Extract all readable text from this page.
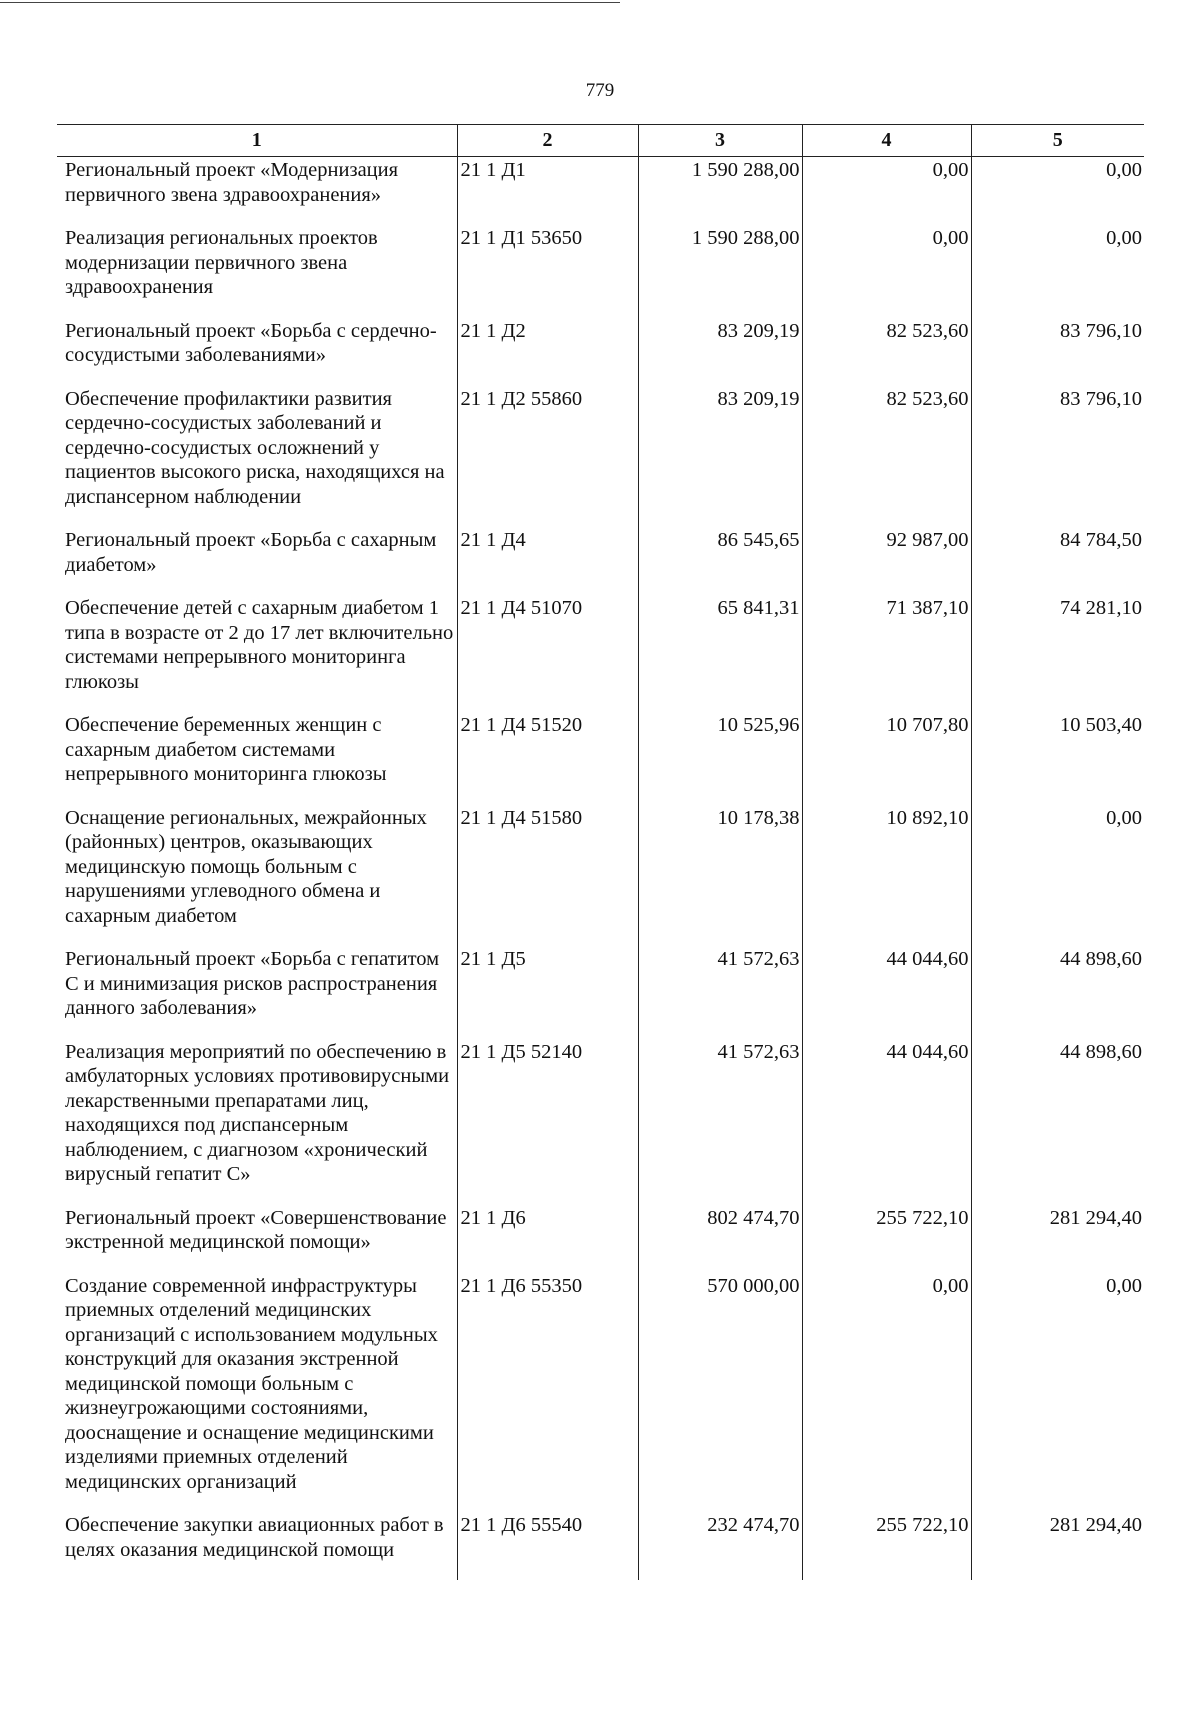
779
1	2	3	4	5
Региональный проект «Модернизация первичного звена здравоохранения»	21 1 Д1	1 590 288,00	0,00	0,00
Реализация региональных проектов модернизации первичного звена здравоохранения	21 1 Д1 53650	1 590 288,00	0,00	0,00
Региональный проект «Борьба с сердечно-сосудистыми заболеваниями»	21 1 Д2	83 209,19	82 523,60	83 796,10
Обеспечение профилактики развития сердечно-сосудистых заболеваний и сердечно-сосудистых осложнений у пациентов высокого риска, находящихся на диспансерном наблюдении	21 1 Д2 55860	83 209,19	82 523,60	83 796,10
Региональный проект «Борьба с сахарным диабетом»	21 1 Д4	86 545,65	92 987,00	84 784,50
Обеспечение детей с сахарным диабетом 1 типа в возрасте от 2 до 17 лет включительно системами непрерывного мониторинга глюкозы	21 1 Д4 51070	65 841,31	71 387,10	74 281,10
Обеспечение беременных женщин с сахарным диабетом системами непрерывного мониторинга глюкозы	21 1 Д4 51520	10 525,96	10 707,80	10 503,40
Оснащение региональных, межрайонных (районных) центров, оказывающих медицинскую помощь больным с нарушениями углеводного обмена и сахарным диабетом	21 1 Д4 51580	10 178,38	10 892,10	0,00
Региональный проект «Борьба с гепатитом С и минимизация рисков распространения данного заболевания»	21 1 Д5	41 572,63	44 044,60	44 898,60
Реализация мероприятий по обеспечению в амбулаторных условиях противовирусными лекарственными препаратами лиц, находящихся под диспансерным наблюдением, с диагнозом «хронический вирусный гепатит С»	21 1 Д5 52140	41 572,63	44 044,60	44 898,60
Региональный проект «Совершенствование экстренной медицинской помощи»	21 1 Д6	802 474,70	255 722,10	281 294,40
Создание современной инфраструктуры приемных отделений медицинских организаций с использованием модульных конструкций для оказания экстренной медицинской помощи больным с жизнеугрожающими состояниями, дооснащение и оснащение медицинскими изделиями приемных отделений медицинских организаций	21 1 Д6 55350	570 000,00	0,00	0,00
Обеспечение закупки авиационных работ в целях оказания медицинской помощи	21 1 Д6 55540	232 474,70	255 722,10	281 294,40
